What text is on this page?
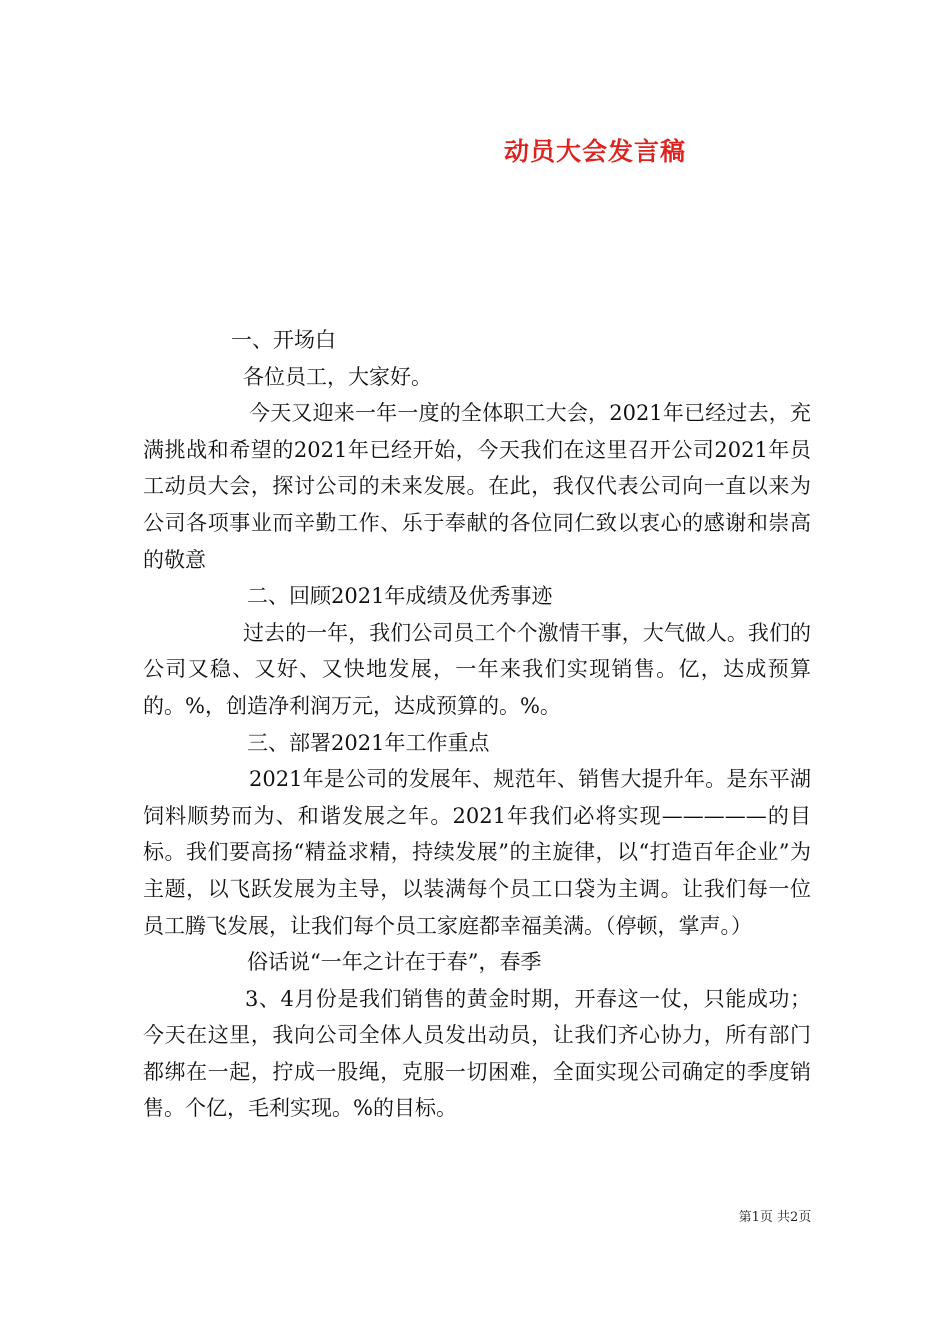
动员大会发言稿

一、开场白

各位员工，大家好。

今天又迎来一年一度的全体职工大会，2021年已经过去，充满挑战和希望的2021年已经开始，今天我们在这里召开公司2021年员工动员大会，探讨公司的未来发展。在此，我仅代表公司向一直以来为公司各项事业而辛勤工作、乐于奉献的各位同仁致以衷心的感谢和崇高的敬意

二、回顾2021年成绩及优秀事迹

过去的一年，我们公司员工个个激情干事，大气做人。我们的公司又稳、又好、又快地发展，一年来我们实现销售。亿，达成预算的。%，创造净利润万元，达成预算的。%。

三、部署2021年工作重点

2021年是公司的发展年、规范年、销售大提升年。是东平湖饲料顺势而为、和谐发展之年。2021年我们必将实现—————的目标。我们要高扬“精益求精，持续发展”的主旋律，以“打造百年企业”为主题，以飞跃发展为主导，以装满每个员工口袋为主调。让我们每一位员工腾飞发展，让我们每个员工家庭都幸福美满。（停顿，掌声。）

俗话说“一年之计在于春”，春季

3、4月份是我们销售的黄金时期，开春这一仗，只能成功；今天在这里，我向公司全体人员发出动员，让我们齐心协力，所有部门都绑在一起，拧成一股绳，克服一切困难，全面实现公司确定的季度销售。个亿，毛利实现。%的目标。

第1页 共2页
